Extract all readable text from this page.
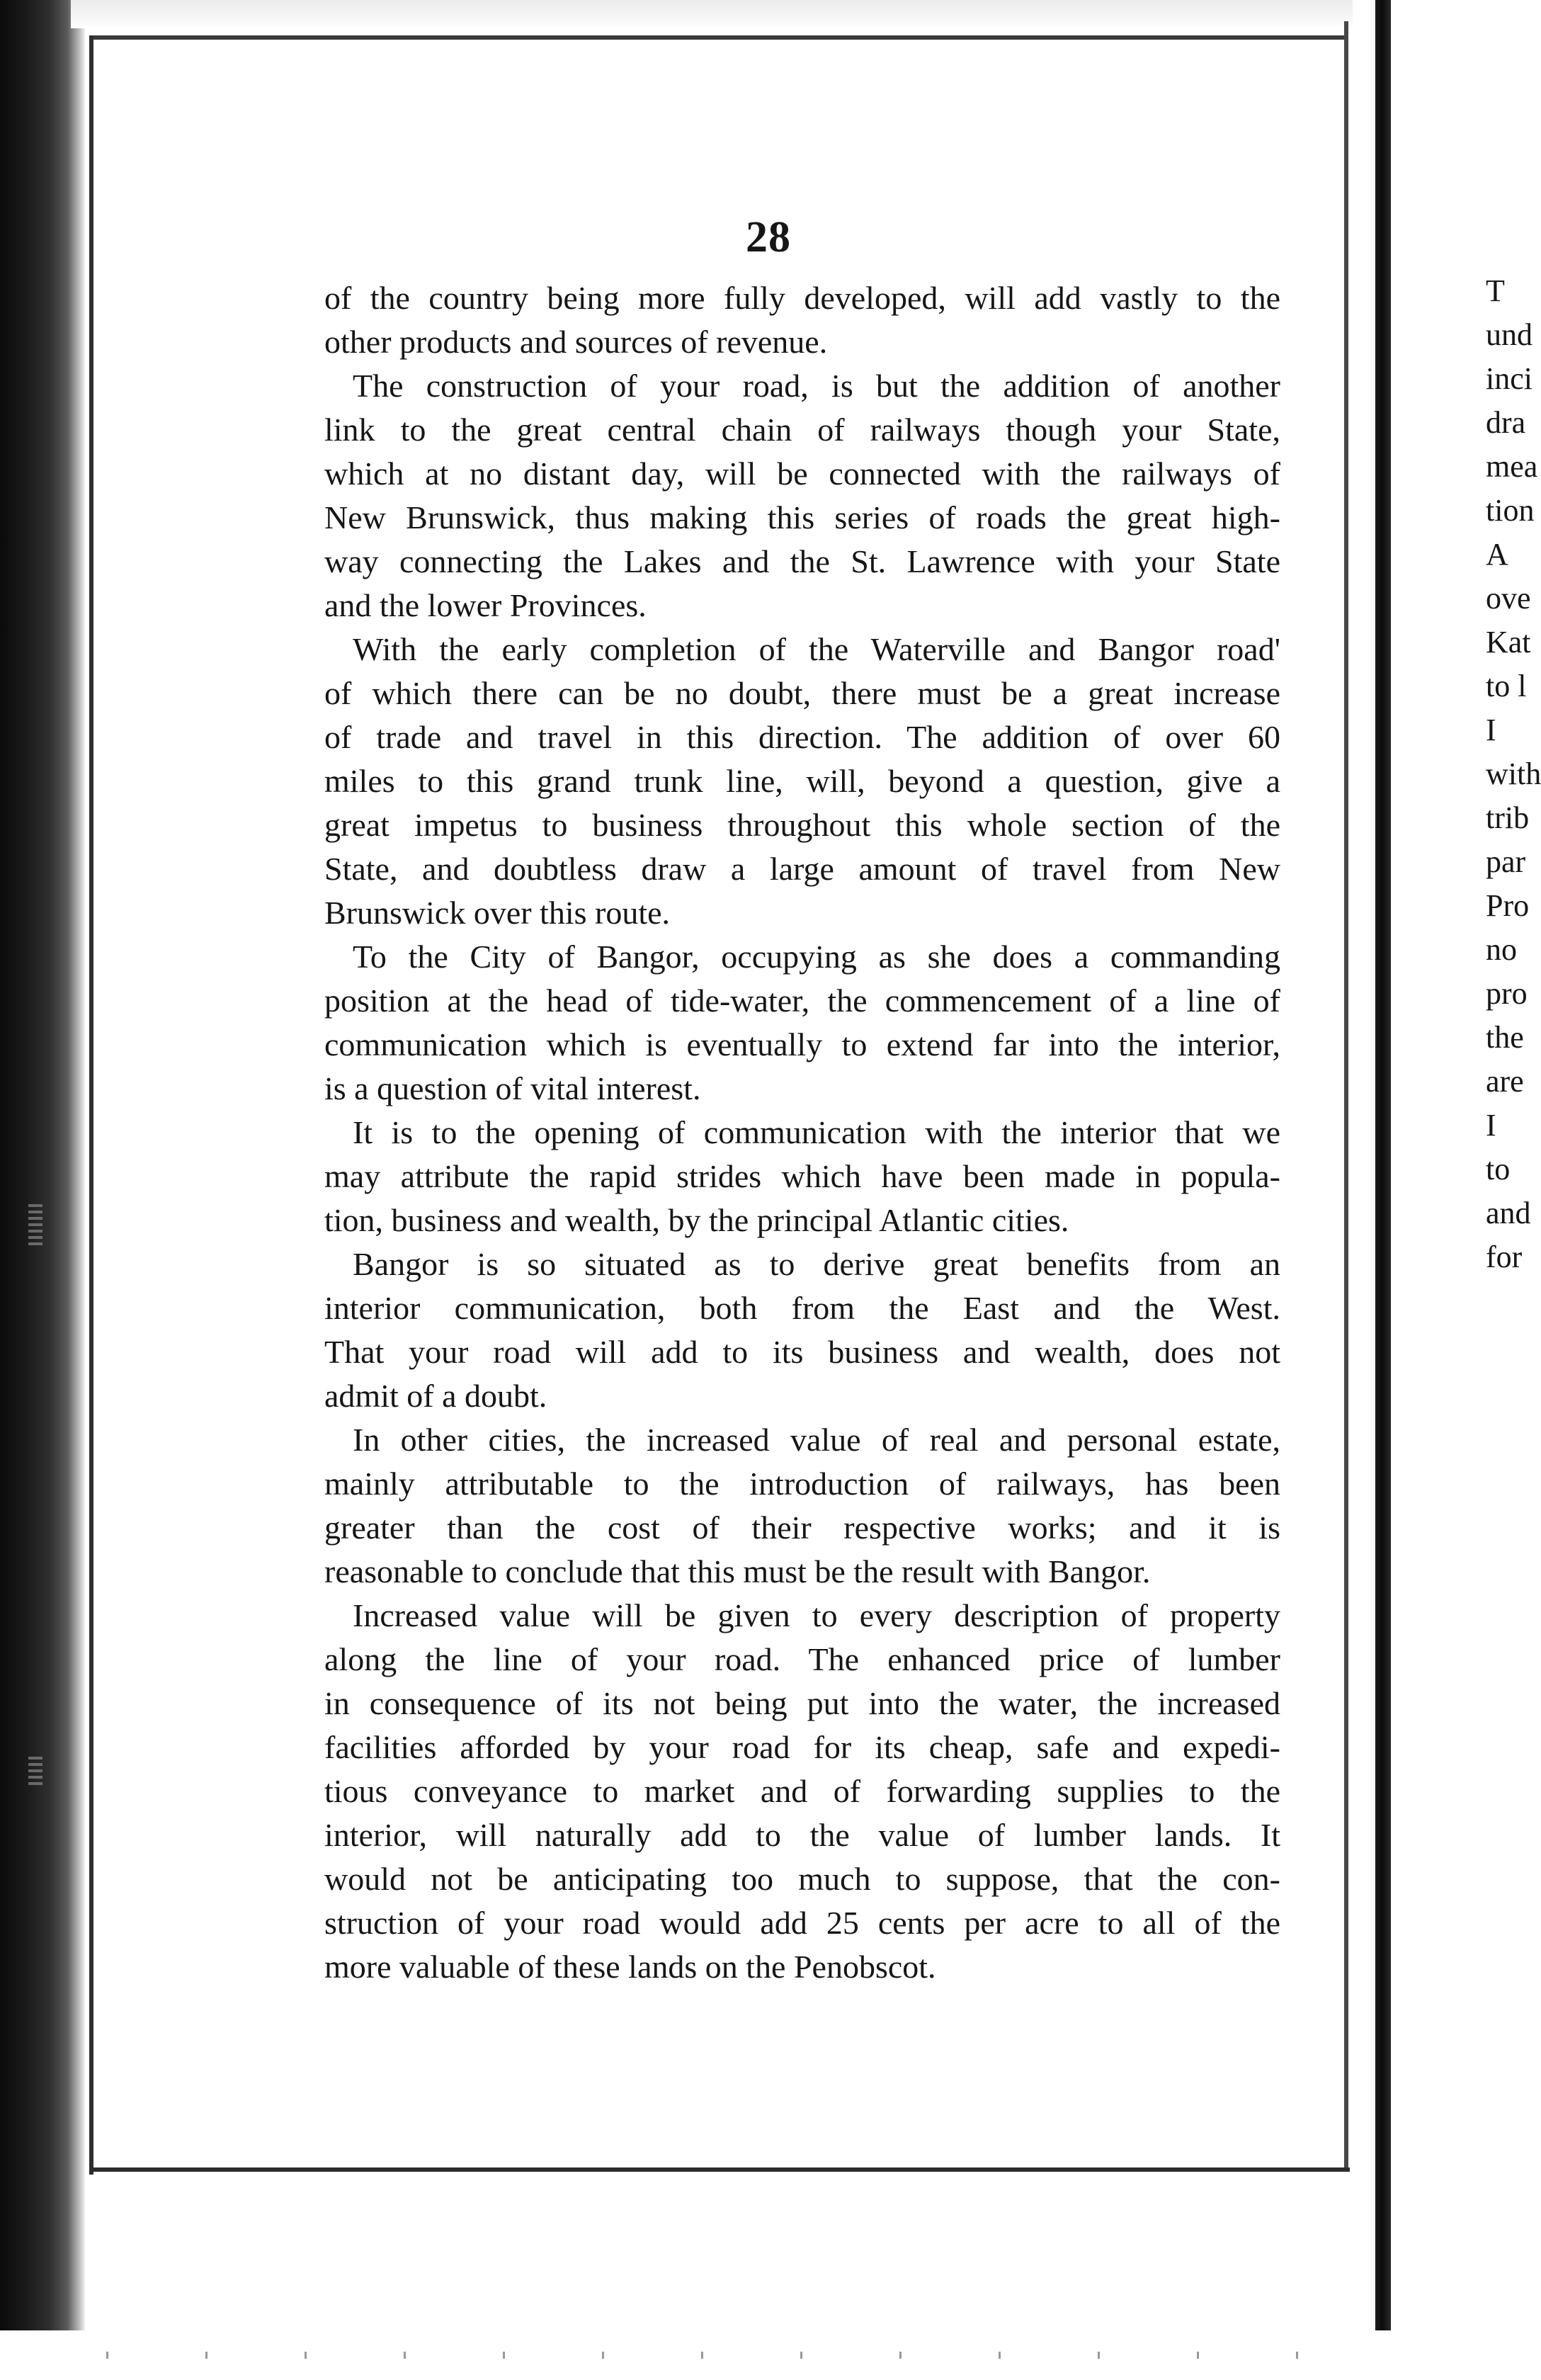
28
of the country being more fully developed, will add vastly to the
other products and sources of revenue.
The construction of your road, is but the addition of another
link to the great central chain of railways though your State,
which at no distant day, will be connected with the railways of
New Brunswick, thus making this series of roads the great high-
way connecting the Lakes and the St. Lawrence with your State
and the lower Provinces.
With the early completion of the Waterville and Bangor road'
of which there can be no doubt, there must be a great increase
of trade and travel in this direction. The addition of over 60
miles to this grand trunk line, will, beyond a question, give a
great impetus to business throughout this whole section of the
State, and doubtless draw a large amount of travel from New
Brunswick over this route.
To the City of Bangor, occupying as she does a commanding
position at the head of tide-water, the commencement of a line of
communication which is eventually to extend far into the interior,
is a question of vital interest.
It is to the opening of communication with the interior that we
may attribute the rapid strides which have been made in popula-
tion, business and wealth, by the principal Atlantic cities.
Bangor is so situated as to derive great benefits from an
interior communication, both from the East and the West.
That your road will add to its business and wealth, does not
admit of a doubt.
In other cities, the increased value of real and personal estate,
mainly attributable to the introduction of railways, has been
greater than the cost of their respective works; and it is
reasonable to conclude that this must be the result with Bangor.
Increased value will be given to every description of property
along the line of your road. The enhanced price of lumber
in consequence of its not being put into the water, the increased
facilities afforded by your road for its cheap, safe and expedi-
tious conveyance to market and of forwarding supplies to the
interior, will naturally add to the value of lumber lands. It
would not be anticipating too much to suppose, that the con-
struction of your road would add 25 cents per acre to all of the
more valuable of these lands on the Penobscot.
T
und
inci
dra
mea
tion
A
ove
Kat
to l
I
with
trib
par
Pro
no
pro
the
are
I
to
and
for
